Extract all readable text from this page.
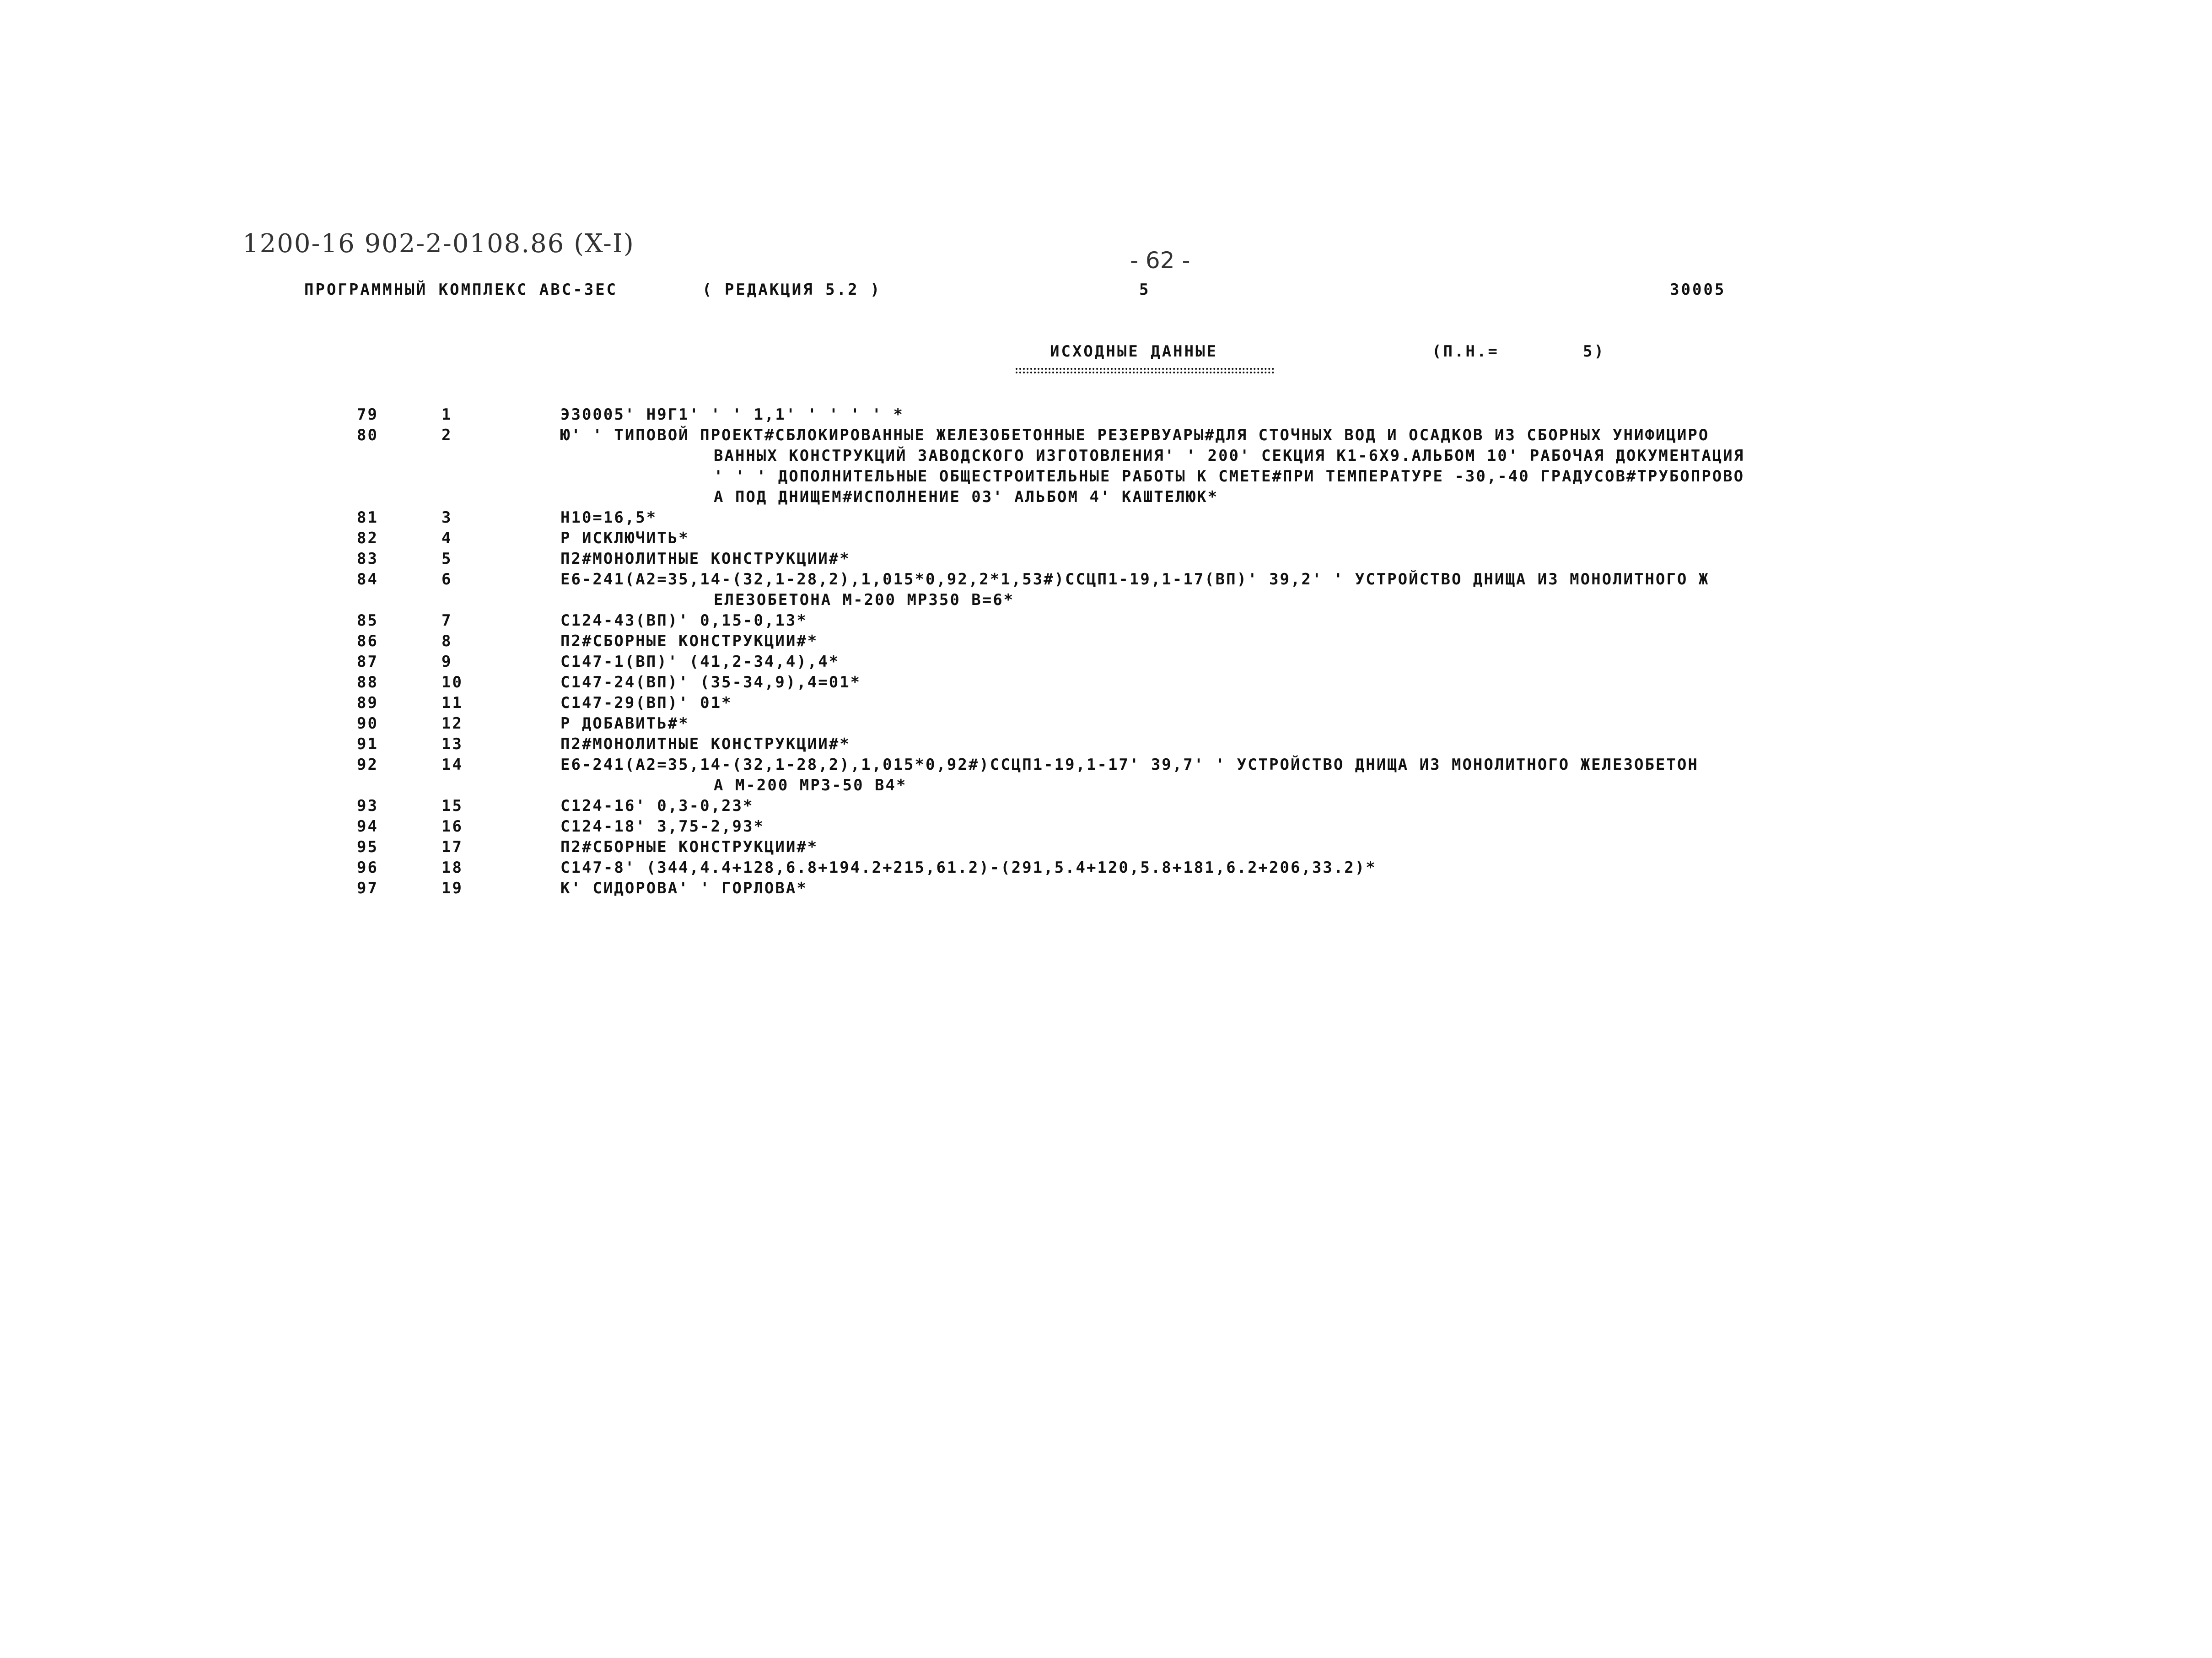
1200-16 902-2-0108.86 (X-I)
- 62 -
ПРОГРАММНЫЙ КОМПЛЕКС АВС-3ЕС	( РЕДАКЦИЯ 5.2 )	5	30005
ИСХОДНЫЕ ДАННЫЕ	(П.Н.=	5)
79	1	Э30005' Н9Г1' ' ' 1,1' ' ' ' ' *
80	2	Ю' ' ТИПОВОЙ ПРОЕКТ#СБЛОКИРОВАННЫЕ ЖЕЛЕЗОБЕТОННЫЕ РЕЗЕРВУАРЫ#ДЛЯ СТОЧНЫХ ВОД И ОСАДКОВ ИЗ СБОРНЫХ УНИФИЦИРО
ВАННЫХ КОНСТРУКЦИЙ ЗАВОДСКОГО ИЗГОТОВЛЕНИЯ' ' 200' СЕКЦИЯ К1-6Х9.АЛЬБОМ 10' РАБОЧАЯ ДОКУМЕНТАЦИЯ
' ' ' ДОПОЛНИТЕЛЬНЫЕ ОБЩЕСТРОИТЕЛЬНЫЕ РАБОТЫ К СМЕТЕ#ПРИ ТЕМПЕРАТУРЕ -30,-40 ГРАДУСОВ#ТРУБОПРОВО
А ПОД ДНИЩЕМ#ИСПОЛНЕНИЕ 03' АЛЬБОМ 4' КАШТЕЛЮК*
81	3	Н10=16,5*
82	4	Р ИСКЛЮЧИТЬ*
83	5	П2#МОНОЛИТНЫЕ КОНСТРУКЦИИ#*
84	6	Е6-241(А2=35,14-(32,1-28,2),1,015*0,92,2*1,53#)ССЦП1-19,1-17(ВП)' 39,2' ' УСТРОЙСТВО ДНИЩА ИЗ МОНОЛИТНОГО Ж
ЕЛЕЗОБЕТОНА М-200 МРЗ50 В=6*
85	7	С124-43(ВП)' 0,15-0,13*
86	8	П2#СБОРНЫЕ КОНСТРУКЦИИ#*
87	9	С147-1(ВП)' (41,2-34,4),4*
88	10	С147-24(ВП)' (35-34,9),4=01*
89	11	С147-29(ВП)' 01*
90	12	Р ДОБАВИТЬ#*
91	13	П2#МОНОЛИТНЫЕ КОНСТРУКЦИИ#*
92	14	Е6-241(А2=35,14-(32,1-28,2),1,015*0,92#)ССЦП1-19,1-17' 39,7' ' УСТРОЙСТВО ДНИЩА ИЗ МОНОЛИТНОГО ЖЕЛЕЗОБЕТОН
А М-200 МРЗ-50 В4*
93	15	С124-16' 0,3-0,23*
94	16	С124-18' 3,75-2,93*
95	17	П2#СБОРНЫЕ КОНСТРУКЦИИ#*
96	18	С147-8' (344,4.4+128,6.8+194.2+215,61.2)-(291,5.4+120,5.8+181,6.2+206,33.2)*
97	19	К' СИДОРОВА' ' ГОРЛОВА*
